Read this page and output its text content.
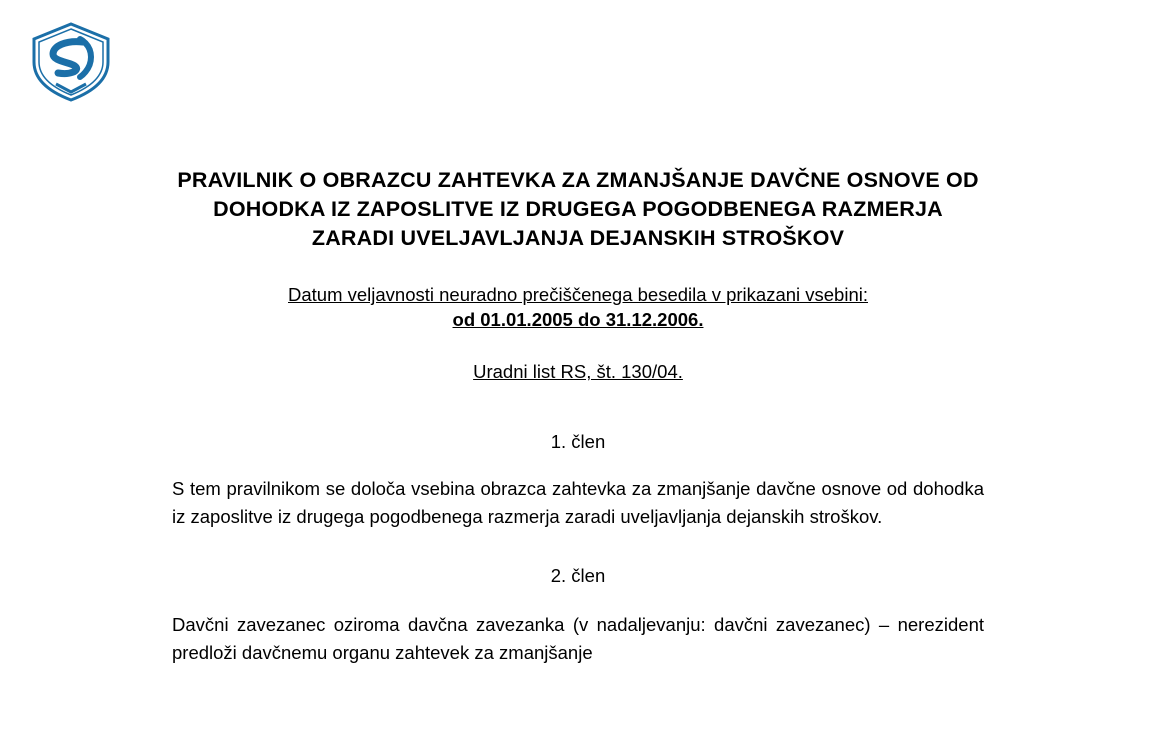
PRAVILNIK O OBRAZCU ZAHTEVKA ZA ZMANJŠANJE DAVČNE OSNOVE OD DOHODKA IZ ZAPOSLITVE IZ DRUGEGA POGODBENEGA RAZMERJA ZARADI UVELJAVLJANJA DEJANSKIH STROŠKOV
Datum veljavnosti neuradno prečiščenega besedila v prikazani vsebini:
od 01.01.2005 do 31.12.2006.
Uradni list RS, št. 130/04.
1. člen

S tem pravilnikom se določa vsebina obrazca zahtevka za zmanjšanje davčne osnove od dohodka iz zaposlitve iz drugega pogodbenega razmerja zaradi uveljavljanja dejanskih stroškov.

2. člen

Davčni zavezanec oziroma davčna zavezanka (v nadaljevanju: davčni zavezanec) – nerezident predloži davčnemu organu zahtevek za zmanjšanje
